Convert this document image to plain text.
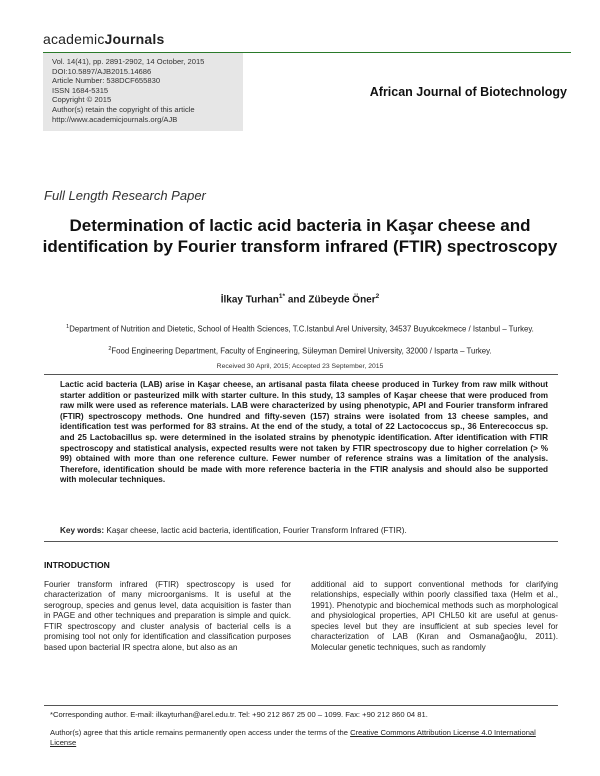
academicJournals
Vol. 14(41), pp. 2891-2902, 14 October, 2015
DOI:10.5897/AJB2015.14686
Article Number: 538DCF655830
ISSN 1684-5315
Copyright © 2015
Author(s) retain the copyright of this article
http://www.academicjournals.org/AJB
African Journal of Biotechnology
Full Length Research Paper
Determination of lactic acid bacteria in Kaşar cheese and identification by Fourier transform infrared (FTIR) spectroscopy
İlkay Turhan$^{1*}$ and Zübeyde Öner$^2$
$^1$Department of Nutrition and Dietetic, School of Health Sciences, T.C.Istanbul Arel University, 34537 Buyukcekmece / Istanbul – Turkey.
$^2$Food Engineering Department, Faculty of Engineering, Süleyman Demirel University, 32000 / Isparta – Turkey.
Received 30 April, 2015; Accepted 23 September, 2015

Lactic acid bacteria (LAB) arise in Kaşar cheese, an artisanal pasta filata cheese produced in Turkey from raw milk without starter addition or pasteurized milk with starter culture. In this study, 13 samples of Kaşar cheese that were produced from raw milk were used as reference materials. LAB were characterized by using phenotypic, API and Fourier transform infrared (FTIR) spectroscopy methods. One hundred and fifty-seven (157) strains were isolated from 13 cheese samples, and identification test was performed for 83 strains. At the end of the study, a total of 22 Lactococcus sp., 36 Enterecoccus sp. and 25 Lactobacillus sp. were determined in the isolated strains by phenotypic identification. After identification with FTIR spectroscopy and statistical analysis, expected results were not taken by FTIR spectroscopy due to higher correlation (> % 99) obtained with more than one reference culture. Fewer number of reference strains was a limitation of the analysis. Therefore, identification should be made with more reference bacteria in the FTIR analysis and should also be supported with molecular techniques.

Key words: Kaşar cheese, lactic acid bacteria, identification, Fourier Transform Infrared (FTIR).
INTRODUCTION

Fourier transform infrared (FTIR) spectroscopy is used for characterization of many microorganisms. It is useful at the serogroup, species and genus level, data acquisition is faster than in PAGE and other techniques and preparation is simple and quick. FTIR spectroscopy and cluster analysis of bacterial cells is a promising tool not only for identification and classification purposes based upon bacterial IR spectra alone, but also as an

additional aid to support conventional methods for clarifying relationships, especially within poorly classified taxa (Helm et al., 1991). Phenotypic and biochemical methods such as morphological and physiological properties, API CHL50 kit are useful at genus-species level but they are insufficient at sub species level for characterization of LAB (Kıran and Osmanağaoğlu, 2011). Molecular genetic techniques, such as randomly

*Corresponding author. E-mail: ilkayturhan@arel.edu.tr. Tel: +90 212 867 25 00 – 1099. Fax: +90 212 860 04 81.

Author(s) agree that this article remains permanently open access under the terms of the Creative Commons Attribution License 4.0 International License
